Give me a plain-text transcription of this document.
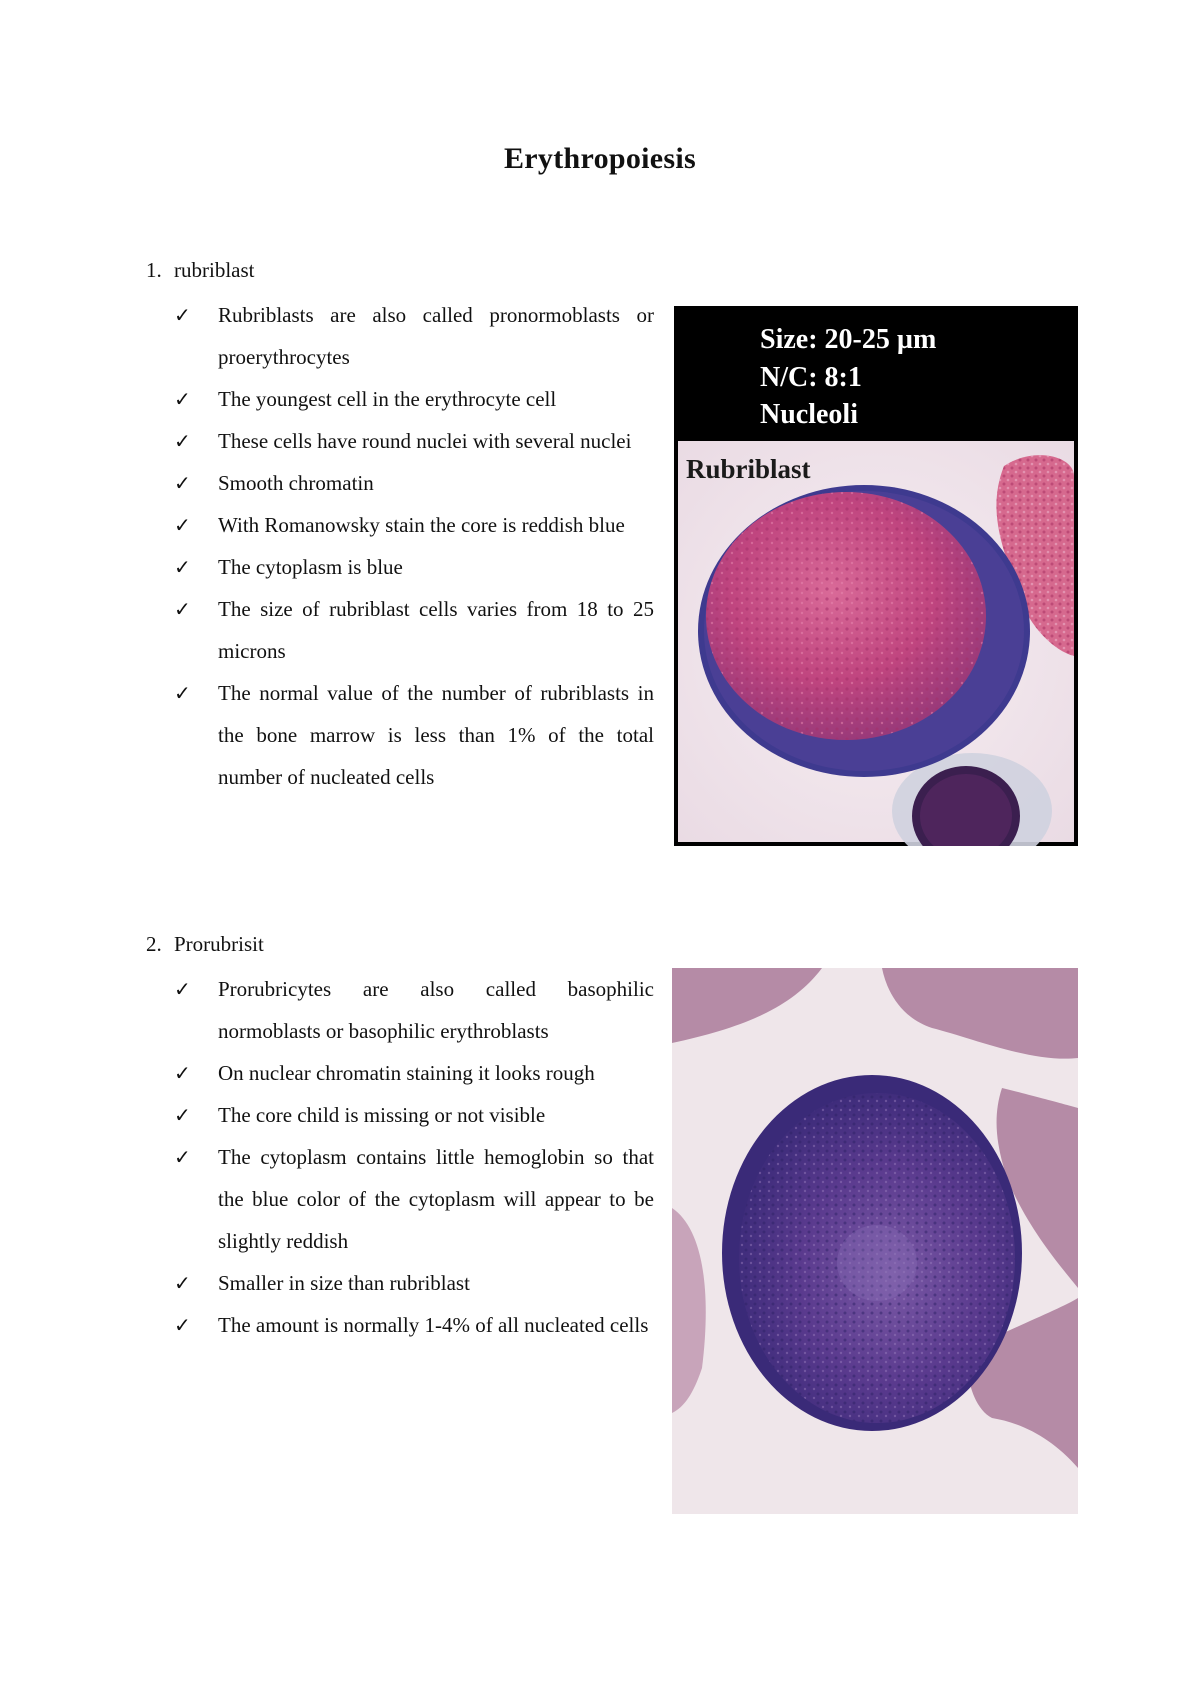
Erythropoiesis
1. rubriblast
✓ Rubriblasts are also called pronormoblasts or proerythrocytes
✓ The youngest cell in the erythrocyte cell
✓ These cells have round nuclei with several nuclei
✓ Smooth chromatin
✓ With Romanowsky stain the core is reddish blue
✓ The cytoplasm is blue
✓ The size of rubriblast cells varies from 18 to 25 microns
✓ The normal value of the number of rubriblasts in the bone marrow is less than 1% of the total number of nucleated cells
Rubriblast
Size: 20-25 µm
N/C: 8:1
Nucleoli
2. Prorubrisit
✓ Prorubricytes are also called basophilic normoblasts or basophilic erythroblasts
✓ On nuclear chromatin staining it looks rough
✓ The core child is missing or not visible
✓ The cytoplasm contains little hemoglobin so that the blue color of the cytoplasm will appear to be slightly reddish
✓ Smaller in size than rubriblast
✓ The amount is normally 1-4% of all nucleated cells
